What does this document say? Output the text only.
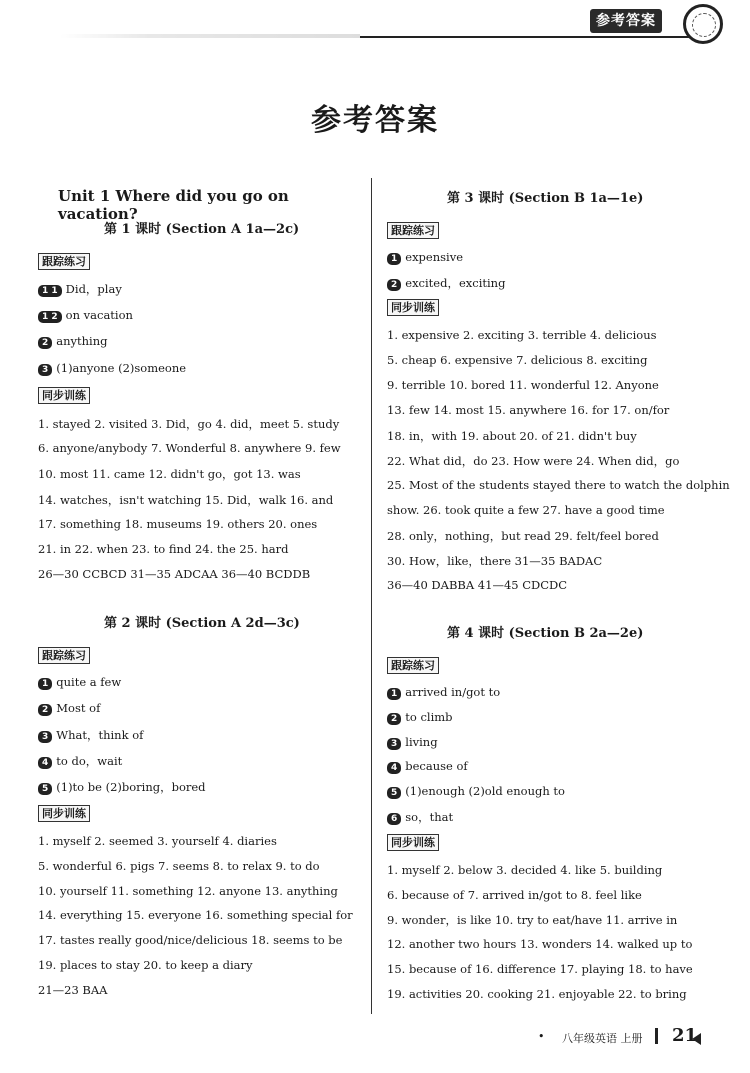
参考答案
参考答案
Unit 1 Where did you go on vacation?
第 1 课时 (Section A 1a—2c)
跟踪练习
1 1 Did，play
1 2 on vacation
2 anything
3 (1)anyone (2)someone
同步训练
1. stayed 2. visited 3. Did，go 4. did，meet 5. study
6. anyone/anybody 7. Wonderful 8. anywhere 9. few
10. most 11. came 12. didn't go，got 13. was
14. watches，isn't watching 15. Did，walk 16. and
17. something 18. museums 19. others 20. ones
21. in 22. when 23. to find 24. the 25. hard
26—30 CCBCD 31—35 ADCAA 36—40 BCDDB
第 2 课时 (Section A 2d—3c)
跟踪练习
1 quite a few
2 Most of
3 What，think of
4 to do，wait
5 (1)to be (2)boring，bored
同步训练
1. myself 2. seemed 3. yourself 4. diaries
5. wonderful 6. pigs 7. seems 8. to relax 9. to do
10. yourself 11. something 12. anyone 13. anything
14. everything 15. everyone 16. something special for
17. tastes really good/nice/delicious 18. seems to be
19. places to stay 20. to keep a diary
21—23 BAA
第 3 课时 (Section B 1a—1e)
跟踪练习
1 expensive
2 excited，exciting
同步训练
1. expensive 2. exciting 3. terrible 4. delicious
5. cheap 6. expensive 7. delicious 8. exciting
9. terrible 10. bored 11. wonderful 12. Anyone
13. few 14. most 15. anywhere 16. for 17. on/for
18. in，with 19. about 20. of 21. didn't buy
22. What did，do 23. How were 24. When did，go
25. Most of the students stayed there to watch the dolphin
show. 26. took quite a few 27. have a good time
28. only，nothing，but read 29. felt/feel bored
30. How，like，there 31—35 BADAC
36—40 DABBA 41—45 CDCDC
第 4 课时 (Section B 2a—2e)
跟踪练习
1 arrived in/got to
2 to climb
3 living
4 because of
5 (1)enough (2)old enough to
6 so，that
同步训练
1. myself 2. below 3. decided 4. like 5. building
6. because of 7. arrived in/got to 8. feel like
9. wonder，is like 10. try to eat/have 11. arrive in
12. another two hours 13. wonders 14. walked up to
15. because of 16. difference 17. playing 18. to have
19. activities 20. cooking 21. enjoyable 22. to bring
• 八年级英语 上册 21
